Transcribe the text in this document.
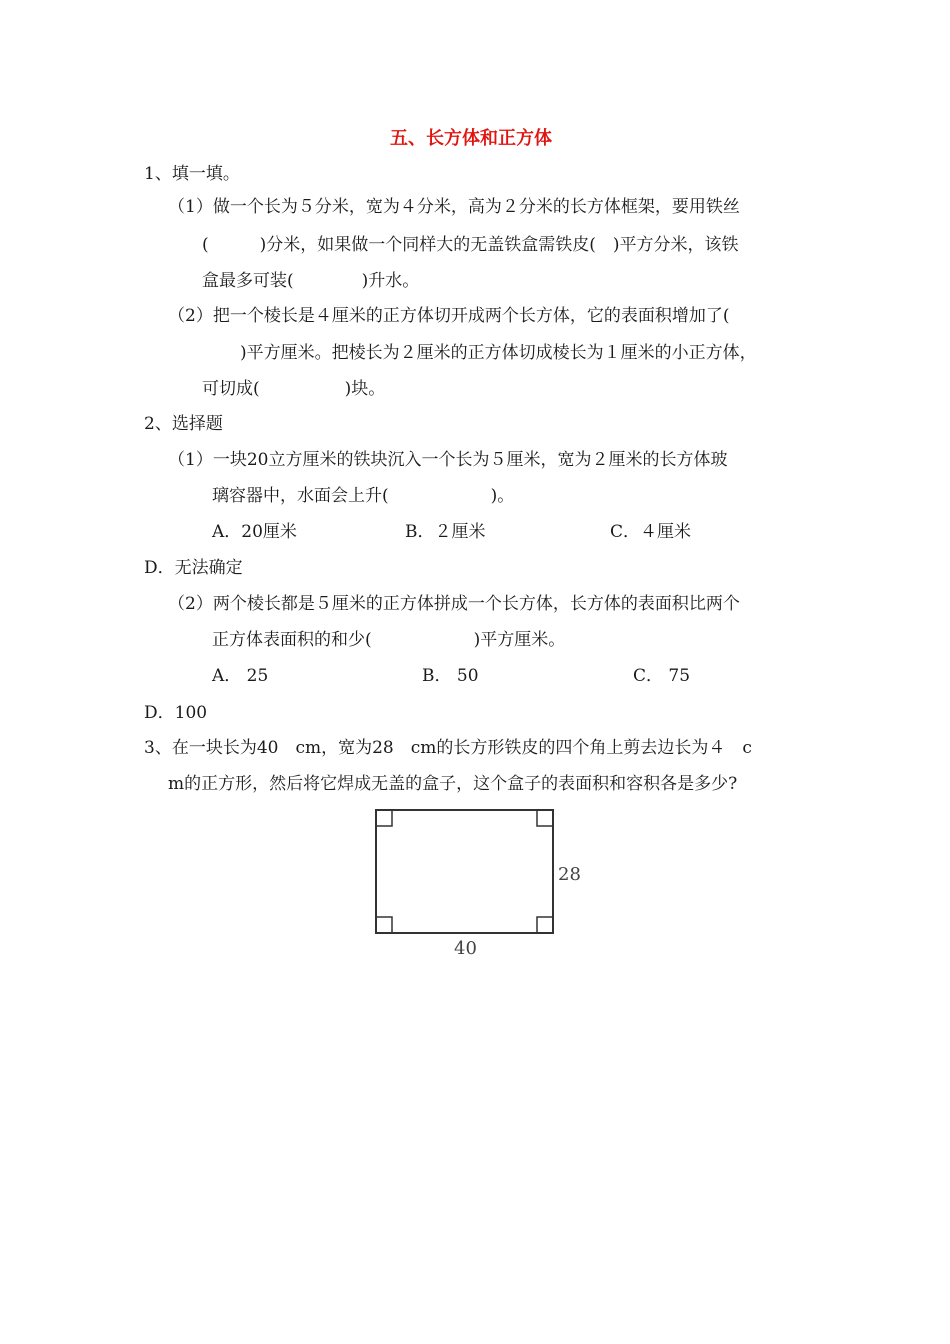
五、长方体和正方体
1、填一填。
（1）做一个长为５分米，宽为４分米，高为２分米的长方体框架，要用铁丝
(　　　)分米，如果做一个同样大的无盖铁盒需铁皮(　)平方分米，该铁
盒最多可装(　　　　)升水。
（2）把一个棱长是４厘米的正方体切开成两个长方体，它的表面积增加了(
)平方厘米。把棱长为２厘米的正方体切成棱长为１厘米的小正方体，
可切成(　　　　　)块。
2、选择题
（1）一块20立方厘米的铁块沉入一个长为５厘米，宽为２厘米的长方体玻
璃容器中，水面会上升(　　　　　　)。
A．20厘米	B．２厘米	C．４厘米
D．无法确定
（2）两个棱长都是５厘米的正方体拼成一个长方体，长方体的表面积比两个
正方体表面积的和少(　　　　　　)平方厘米。
A． 25	B． 50	C． 75
D．100
3、在一块长为40　cm，宽为28　cm的长方形铁皮的四个角上剪去边长为４　c
m的正方形，然后将它焊成无盖的盒子，这个盒子的表面积和容积各是多少?
28
40
